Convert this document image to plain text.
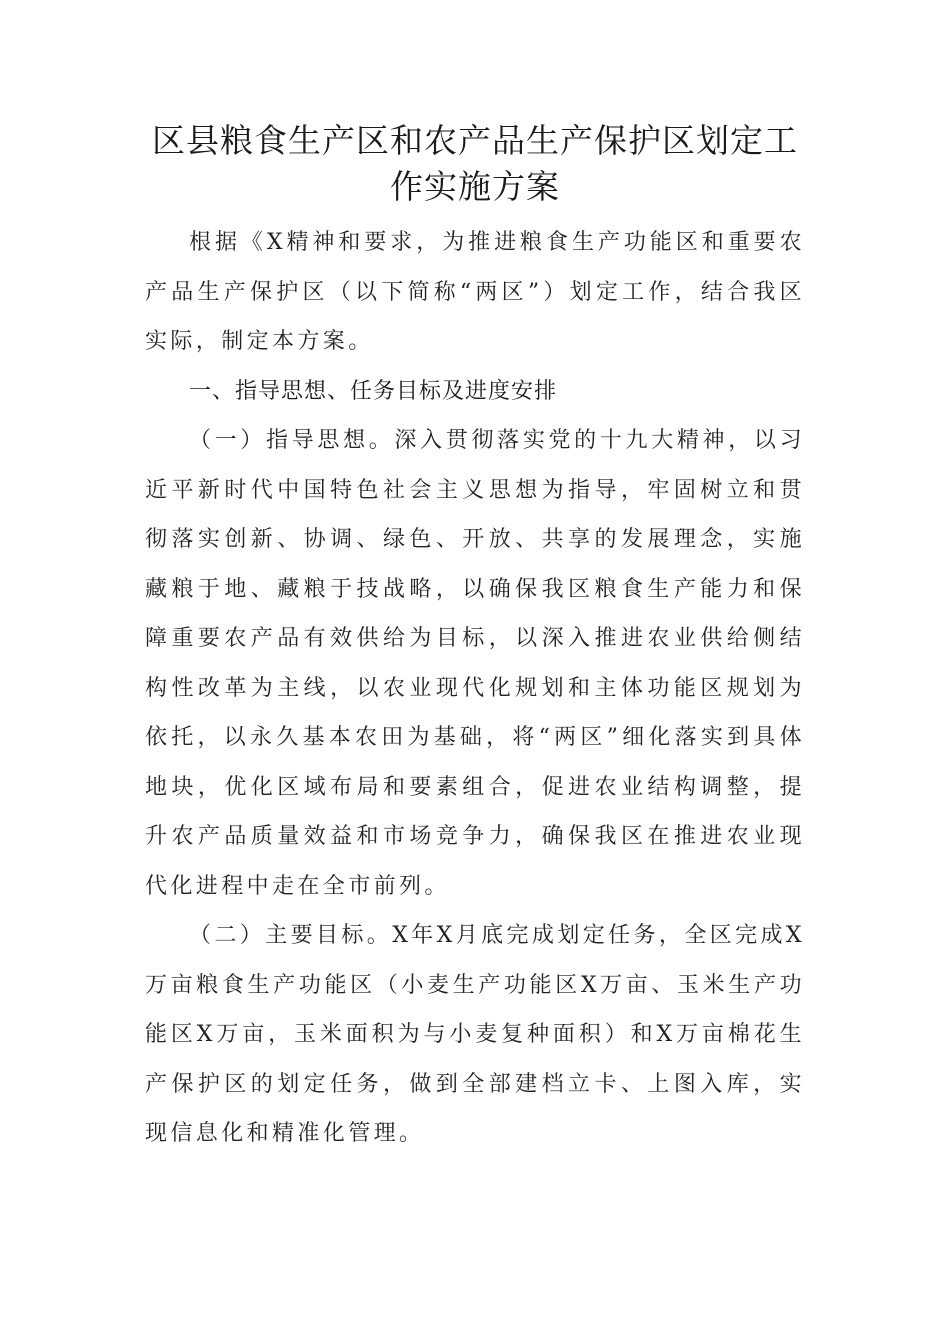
区县粮食生产区和农产品生产保护区划定工作实施方案

根据《X精神和要求，为推进粮食生产功能区和重要农产品生产保护区（以下简称“两区”）划定工作，结合我区实际，制定本方案。

一、指导思想、任务目标及进度安排

（一）指导思想。深入贯彻落实党的十九大精神，以习近平新时代中国特色社会主义思想为指导，牢固树立和贯彻落实创新、协调、绿色、开放、共享的发展理念，实施藏粮于地、藏粮于技战略，以确保我区粮食生产能力和保障重要农产品有效供给为目标，以深入推进农业供给侧结构性改革为主线，以农业现代化规划和主体功能区规划为依托，以永久基本农田为基础，将“两区”细化落实到具体地块，优化区域布局和要素组合，促进农业结构调整，提升农产品质量效益和市场竞争力，确保我区在推进农业现代化进程中走在全市前列。

（二）主要目标。X年X月底完成划定任务，全区完成X万亩粮食生产功能区（小麦生产功能区X万亩、玉米生产功能区X万亩，玉米面积为与小麦复种面积）和X万亩棉花生产保护区的划定任务，做到全部建档立卡、上图入库，实现信息化和精准化管理。
